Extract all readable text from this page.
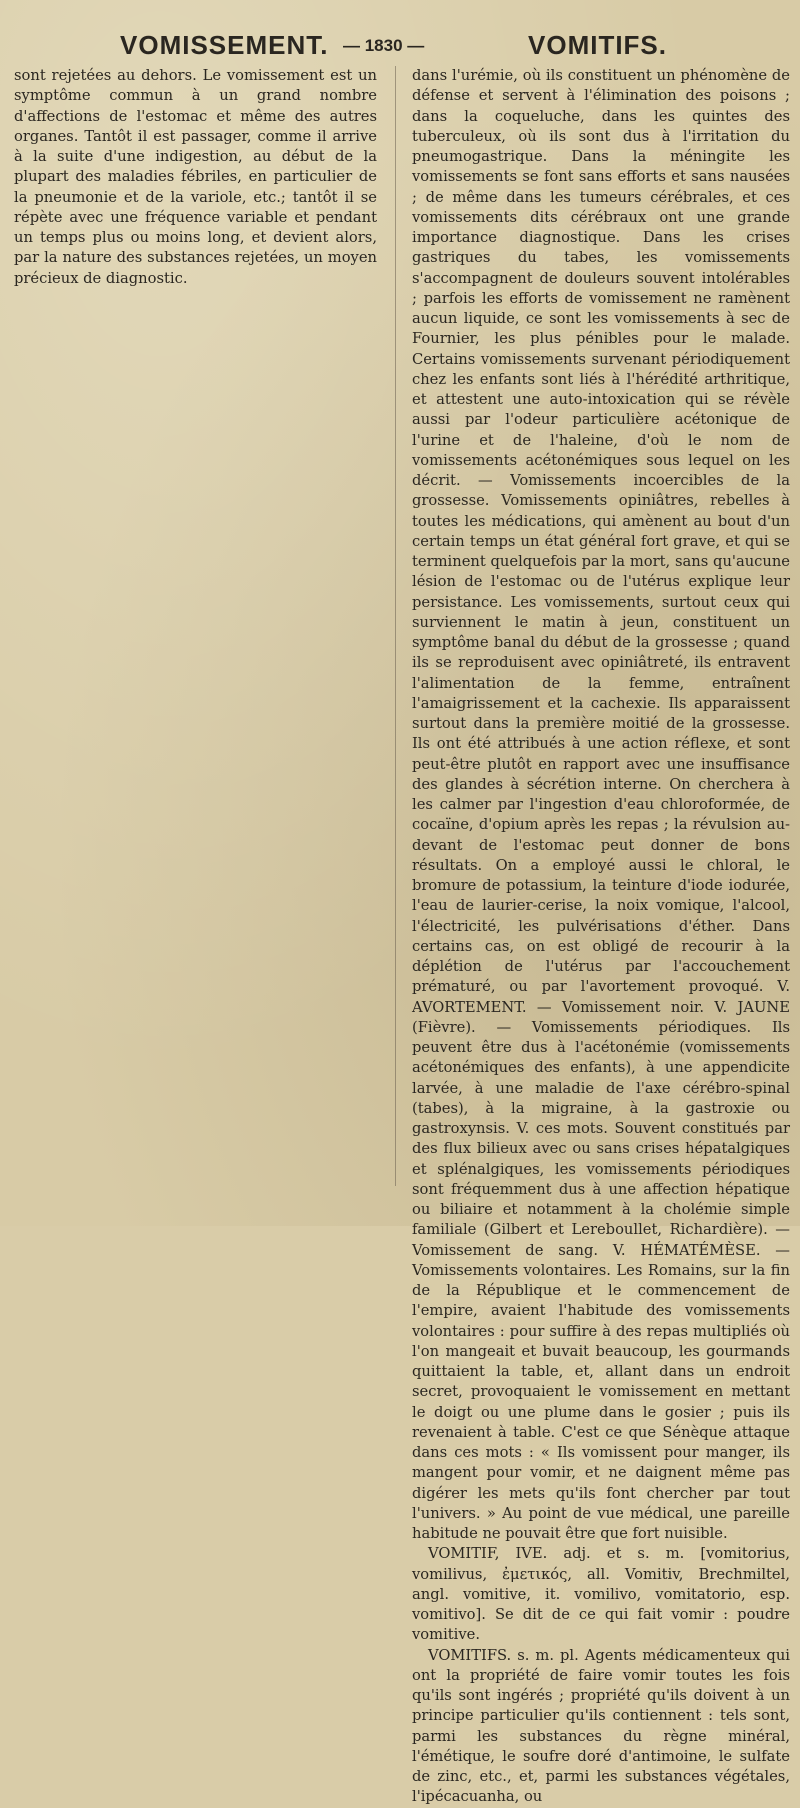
VOMISSEMENT. — 1830 —	VOMITIFS.

sont rejetées au dehors. Le vomissement est un symptôme commun à un grand nombre d'affections de l'estomac et même des autres organes. Tantôt il est passager, comme il arrive à la suite d'une indigestion, au début de la plupart des maladies fébriles, en particulier de la pneumonie et de la variole, etc.; tantôt il se répète avec une fréquence variable et pendant un temps plus ou moins long, et devient alors, par la nature des substances rejetées, un moyen précieux de diagnostic.

dans l'urémie, où ils constituent un phénomène de défense et servent à l'élimination des poisons ; dans la coqueluche, dans les quintes des tuberculeux, où ils sont dus à l'irritation du pneumogastrique. Dans la méningite les vomissements se font sans efforts et sans nausées ; de même dans les tumeurs cérébrales, et ces vomissements dits cérébraux ont une grande importance diagnostique. Dans les crises gastriques du tabes, les vomissements s'accompagnent de douleurs souvent intolérables ; parfois les efforts de vomissement ne ramènent aucun liquide, ce sont les vomissements à sec de Fournier, les plus pénibles pour le malade. Certains vomissements survenant périodiquement chez les enfants sont liés à l'hérédité arthritique, et attestent une auto-intoxication qui se révèle aussi par l'odeur particulière acétonique de l'urine et de l'haleine, d'où le nom de vomissements acétonémiques sous lequel on les décrit. — Vomissements incoercibles de la grossesse. Vomissements opiniâtres, rebelles à toutes les médications, qui amènent au bout d'un certain temps un état général fort grave, et qui se terminent quelquefois par la mort, sans qu'aucune lésion de l'estomac ou de l'utérus explique leur persistance. Les vomissements, surtout ceux qui surviennent le matin à jeun, constituent un symptôme banal du début de la grossesse ; quand ils se reproduisent avec opiniâtreté, ils entravent l'alimentation de la femme, entraînent l'amaigrissement et la cachexie. Ils apparaissent surtout dans la première moitié de la grossesse. Ils ont été attribués à une action réflexe, et sont peut-être plutôt en rapport avec une insuffisance des glandes à sécrétion interne. On cherchera à les calmer par l'ingestion d'eau chloroformée, de cocaïne, d'opium après les repas ; la révulsion au-devant de l'estomac peut donner de bons résultats. On a employé aussi le chloral, le bromure de potassium, la teinture d'iode iodurée, l'eau de laurier-cerise, la noix vomique, l'alcool, l'électricité, les pulvérisations d'éther. Dans certains cas, on est obligé de recourir à la déplétion de l'utérus par l'accouchement prématuré, ou par l'avortement provoqué. V. AVORTEMENT. — Vomissement noir. V. JAUNE (Fièvre). — Vomissements périodiques. Ils peuvent être dus à l'acétonémie (vomissements acétonémiques des enfants), à une appendicite larvée, à une maladie de l'axe cérébro-spinal (tabes), à la migraine, à la gastroxie ou gastroxynsis. V. ces mots. Souvent constitués par des flux bilieux avec ou sans crises hépatalgiques et splénalgiques, les vomissements périodiques sont fréquemment dus à une affection hépatique ou biliaire et notamment à la cholémie simple familiale (Gilbert et Lereboullet, Richardière). — Vomissement de sang. V. HÉMATÉMÈSE. — Vomissements volontaires. Les Romains, sur la fin de la République et le commencement de l'empire, avaient l'habitude des vomissements volontaires : pour suffire à des repas multipliés où l'on mangeait et buvait beaucoup, les gourmands quittaient la table, et, allant dans un endroit secret, provoquaient le vomissement en mettant le doigt ou une plume dans le gosier ; puis ils revenaient à table. C'est ce que Sénèque attaque dans ces mots : « Ils vomissent pour manger, ils mangent pour vomir, et ne daignent même pas digérer les mets qu'ils font chercher par tout l'univers. » Au point de vue médical, une pareille habitude ne pouvait être que fort nuisible.

VOMITIF, IVE. adj. et s. m. [vomitorius, vomilivus, ἐμετικός, all. Vomitiv, Brechmiltel, angl. vomitive, it. vomilivo, vomitatorio, esp. vomitivo]. Se dit de ce qui fait vomir : poudre vomitive.

VOMITIFS. s. m. pl. Agents médicamenteux qui ont la propriété de faire vomir toutes les fois qu'ils sont ingérés ; propriété qu'ils doivent à un principe particulier qu'ils contiennent : tels sont, parmi les substances du règne minéral, l'émétique, le soufre doré d'antimoine, le sulfate de zinc, etc., et, parmi les substances végétales, l'ipécacuanha, ou
